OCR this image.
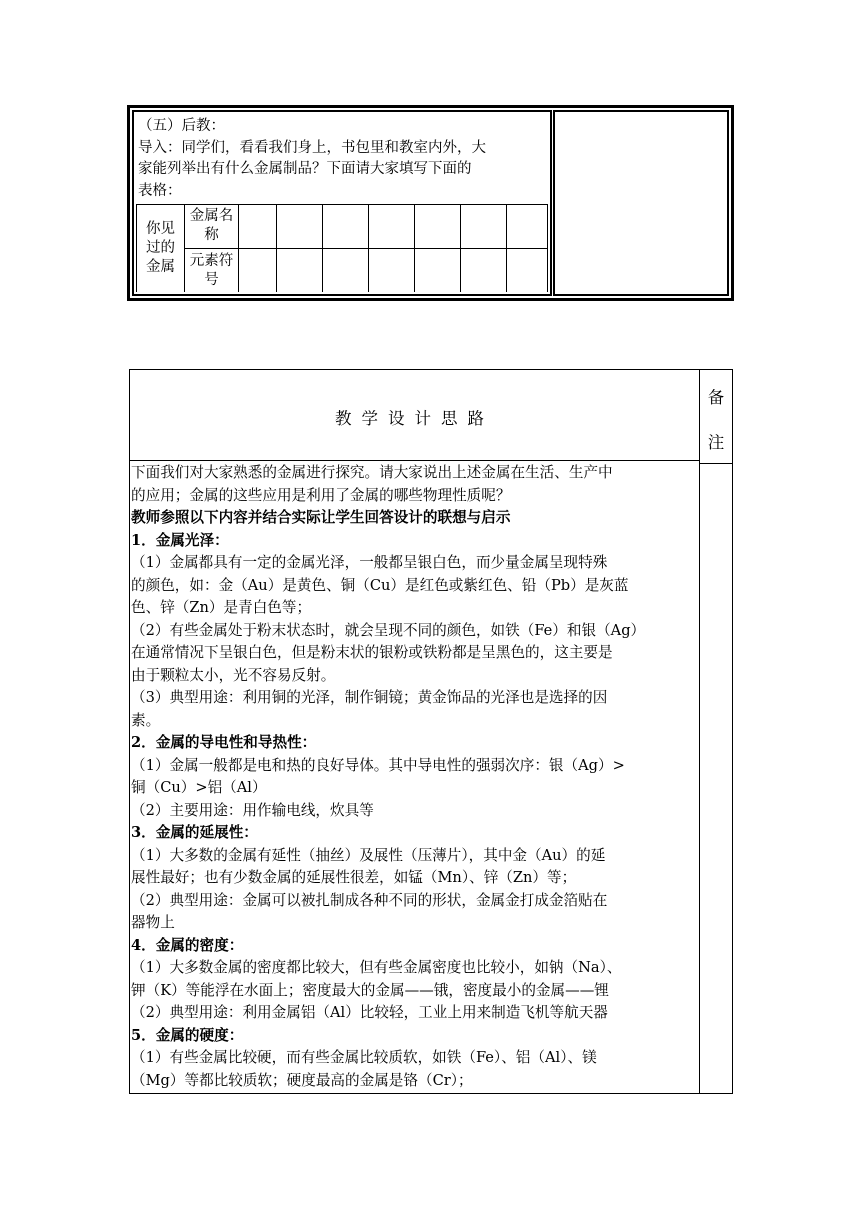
（五）后教：
导入：同学们，看看我们身上，书包里和教室内外，大
家能列举出有什么金属制品？下面请大家填写下面的
表格：
你见
过的
金属
金属名
称
元素符
号
教学设计思路
备
注
下面我们对大家熟悉的金属进行探究。请大家说出上述金属在生活、生产中
的应用；金属的这些应用是利用了金属的哪些物理性质呢？
教师参照以下内容并结合实际让学生回答设计的联想与启示
1．金属光泽：
（1）金属都具有一定的金属光泽，一般都呈银白色，而少量金属呈现特殊
的颜色，如：金（Au）是黄色、铜（Cu）是红色或紫红色、铅（Pb）是灰蓝
色、锌（Zn）是青白色等；
（2）有些金属处于粉末状态时，就会呈现不同的颜色，如铁（Fe）和银（Ag）
在通常情况下呈银白色，但是粉末状的银粉或铁粉都是呈黑色的，这主要是
由于颗粒太小，光不容易反射。
（3）典型用途：利用铜的光泽，制作铜镜；黄金饰品的光泽也是选择的因
素。
2．金属的导电性和导热性：
（1）金属一般都是电和热的良好导体。其中导电性的强弱次序：银（Ag）>
铜（Cu）>铝（Al）
（2）主要用途：用作输电线，炊具等
3．金属的延展性：
（1）大多数的金属有延性（抽丝）及展性（压薄片），其中金（Au）的延
展性最好；也有少数金属的延展性很差，如锰（Mn）、锌（Zn）等；
（2）典型用途：金属可以被扎制成各种不同的形状，金属金打成金箔贴在
器物上
4．金属的密度：
（1）大多数金属的密度都比较大，但有些金属密度也比较小，如钠（Na）、
钾（K）等能浮在水面上；密度最大的金属——锇，密度最小的金属——锂
（2）典型用途：利用金属铝（Al）比较轻，工业上用来制造飞机等航天器
5．金属的硬度：
（1）有些金属比较硬，而有些金属比较质软，如铁（Fe）、铝（Al）、镁
（Mg）等都比较质软；硬度最高的金属是铬（Cr）；
